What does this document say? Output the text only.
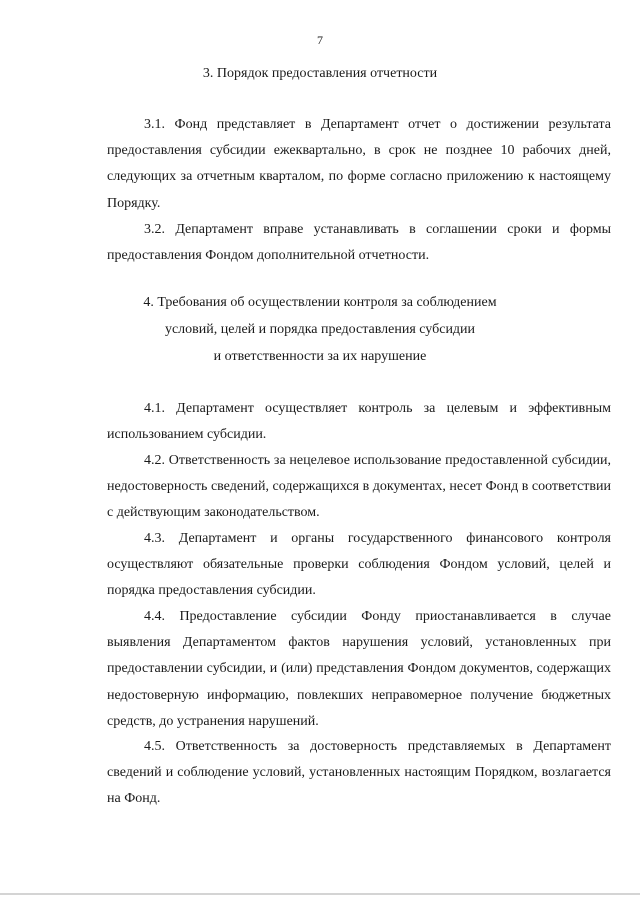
7
3. Порядок предоставления отчетности

3.1. Фонд представляет в Департамент отчет о достижении результата предоставления субсидии ежеквартально, в срок не позднее 10 рабочих дней, следующих за отчетным кварталом, по форме согласно приложению к настоящему Порядку.

3.2. Департамент вправе устанавливать в соглашении сроки и формы предоставления Фондом дополнительной отчетности.

4. Требования об осуществлении контроля за соблюдением
условий, целей и порядка предоставления субсидии
и ответственности за их нарушение

4.1. Департамент осуществляет контроль за целевым и эффективным использованием субсидии.

4.2. Ответственность за нецелевое использование предоставленной субсидии, недостоверность сведений, содержащихся в документах, несет Фонд в соответствии с действующим законодательством.

4.3. Департамент и органы государственного финансового контроля осуществляют обязательные проверки соблюдения Фондом условий, целей и порядка предоставления субсидии.

4.4. Предоставление субсидии Фонду приостанавливается в случае выявления Департаментом фактов нарушения условий, установленных при предоставлении субсидии, и (или) представления Фондом документов, содержащих недостоверную информацию, повлекших неправомерное получение бюджетных средств, до устранения нарушений.

4.5. Ответственность за достоверность представляемых в Департамент сведений и соблюдение условий, установленных настоящим Порядком, возлагается на Фонд.
